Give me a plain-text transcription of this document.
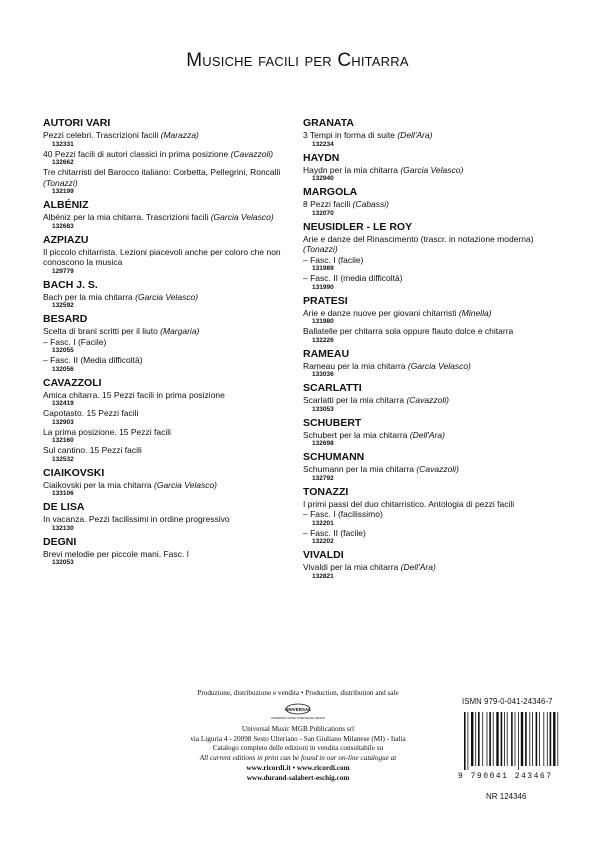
Musiche facili per Chitarra
AUTORI VARI
Pezzi celebri. Trascrizioni facili (Marazza)
132331
40 Pezzi facili di autori classici in prima posizione (Cavazzoli)
132662
Tre chitarristi del Barocco italiano: Corbetta, Pellegrini, Roncalli (Tonazzi)
132199
ALBÉNIZ
Albéniz per la mia chitarra. Trascrizioni facili (Garcia Velasco)
132683
AZPIAZU
Il piccolo chitarrista. Lezioni piacevoli anche per coloro che non conoscono la musica
129779
BACH J. S.
Bach per la mia chitarra (Garcia Velasco)
132592
BESARD
Scelta di brani scritti per il liuto (Margaria)
– Fasc. I (Facile)
132055
– Fasc. II (Media difficoltà)
132056
CAVAZZOLI
Amica chitarra. 15 Pezzi facili in prima posizione
132419
Capotasto. 15 Pezzi facili
132903
La prima posizione. 15 Pezzi facili
132160
Sul cantino. 15 Pezzi facili
132532
CIAIKOVSKI
Ciaikovski per la mia chitarra (Garcia Velasco)
133106
DE LISA
In vacanza. Pezzi facilissimi in ordine progressivo
132130
DEGNI
Brevi melodie per piccole mani. Fasc. I
132053
GRANATA
3 Tempi in forma di suite (Dell'Ara)
132234
HAYDN
Haydn per la mia chitarra (Garcia Velasco)
132940
MARGOLA
8 Pezzi facili (Cabassi)
132070
NEUSIDLER - LE ROY
Arie e danze del Rinascimento (trascr. in notazione moderna) (Tonazzi)
– Fasc. I (facile)
131989
– Fasc. II (media difficoltà)
131990
PRATESI
Arie e danze nuove per giovani chitarristi (Minella)
131980
Ballatelle per chitarra sola oppure flauto dolce e chitarra
132226
RAMEAU
Rameau per la mia chitarra (Garcia Velasco)
133036
SCARLATTI
Scarlatti per la mia chitarra (Cavazzoli)
133053
SCHUBERT
Schubert per la mia chitarra (Dell'Ara)
132698
SCHUMANN
Schumann per la mia chitarra (Cavazzoli)
132792
TONAZZI
I primi passi del duo chitarristico. Antologia di pezzi facili
– Fasc. I (facilissimo)
132201
– Fasc. II (facile)
132202
VIVALDI
Vivaldi per la mia chitarra (Dell'Ara)
132821
Produzione, distribuzione e vendita • Production, distribution and sale
UNIVERSAL
UNIVERSAL MUSIC PUBLISHING GROUP
Universal Music MGB Publications srl
via Liguria 4 - 20098 Sesto Ulteriano - San Giuliano Milanese (MI) - Italia
Catalogo completo delle edizioni in vendita consultabile su
All current editions in print can be found in our on-line catalogue at
www.ricordi.it • www.ricordi.com
www.durand-salabert-eschig.com
ISMN 979-0-041-24346-7
9 790041 243467
NR 124346
